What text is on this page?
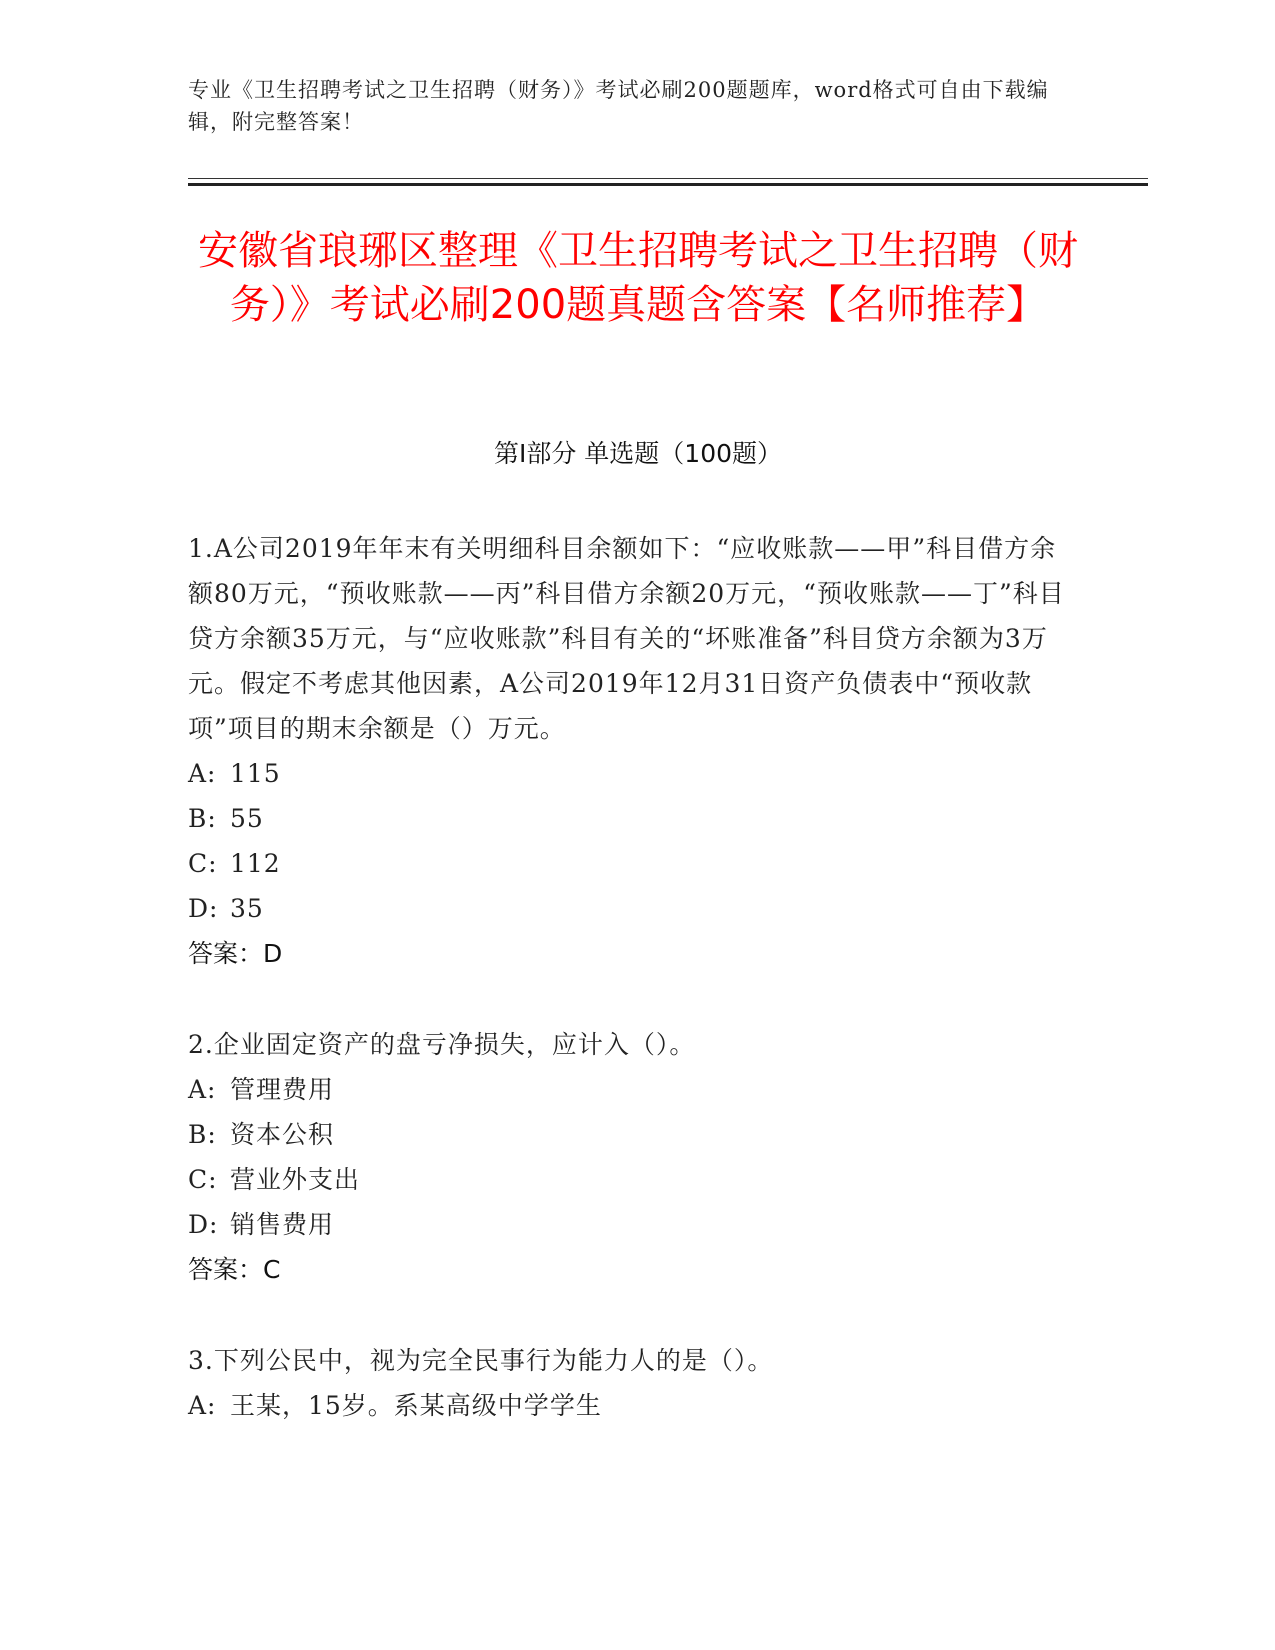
专业《卫生招聘考试之卫生招聘（财务）》考试必刷200题题库，word格式可自由下载编辑，附完整答案！
安徽省琅琊区整理《卫生招聘考试之卫生招聘（财务）》考试必刷200题真题含答案【名师推荐】
第Ⅰ部分 单选题（100题）

1.A公司2019年年末有关明细科目余额如下：“应收账款——甲”科目借方余额80万元，“预收账款——丙”科目借方余额20万元，“预收账款——丁”科目贷方余额35万元，与“应收账款”科目有关的“坏账准备”科目贷方余额为3万元。假定不考虑其他因素，A公司2019年12月31日资产负债表中“预收款项”项目的期末余额是（）万元。

A: 115

B: 55

C: 112

D: 35

答案：D

2.企业固定资产的盘亏净损失，应计入（）。

A: 管理费用

B: 资本公积

C: 营业外支出

D: 销售费用

答案：C

3.下列公民中，视为完全民事行为能力人的是（）。

A: 王某，15岁。系某高级中学学生
